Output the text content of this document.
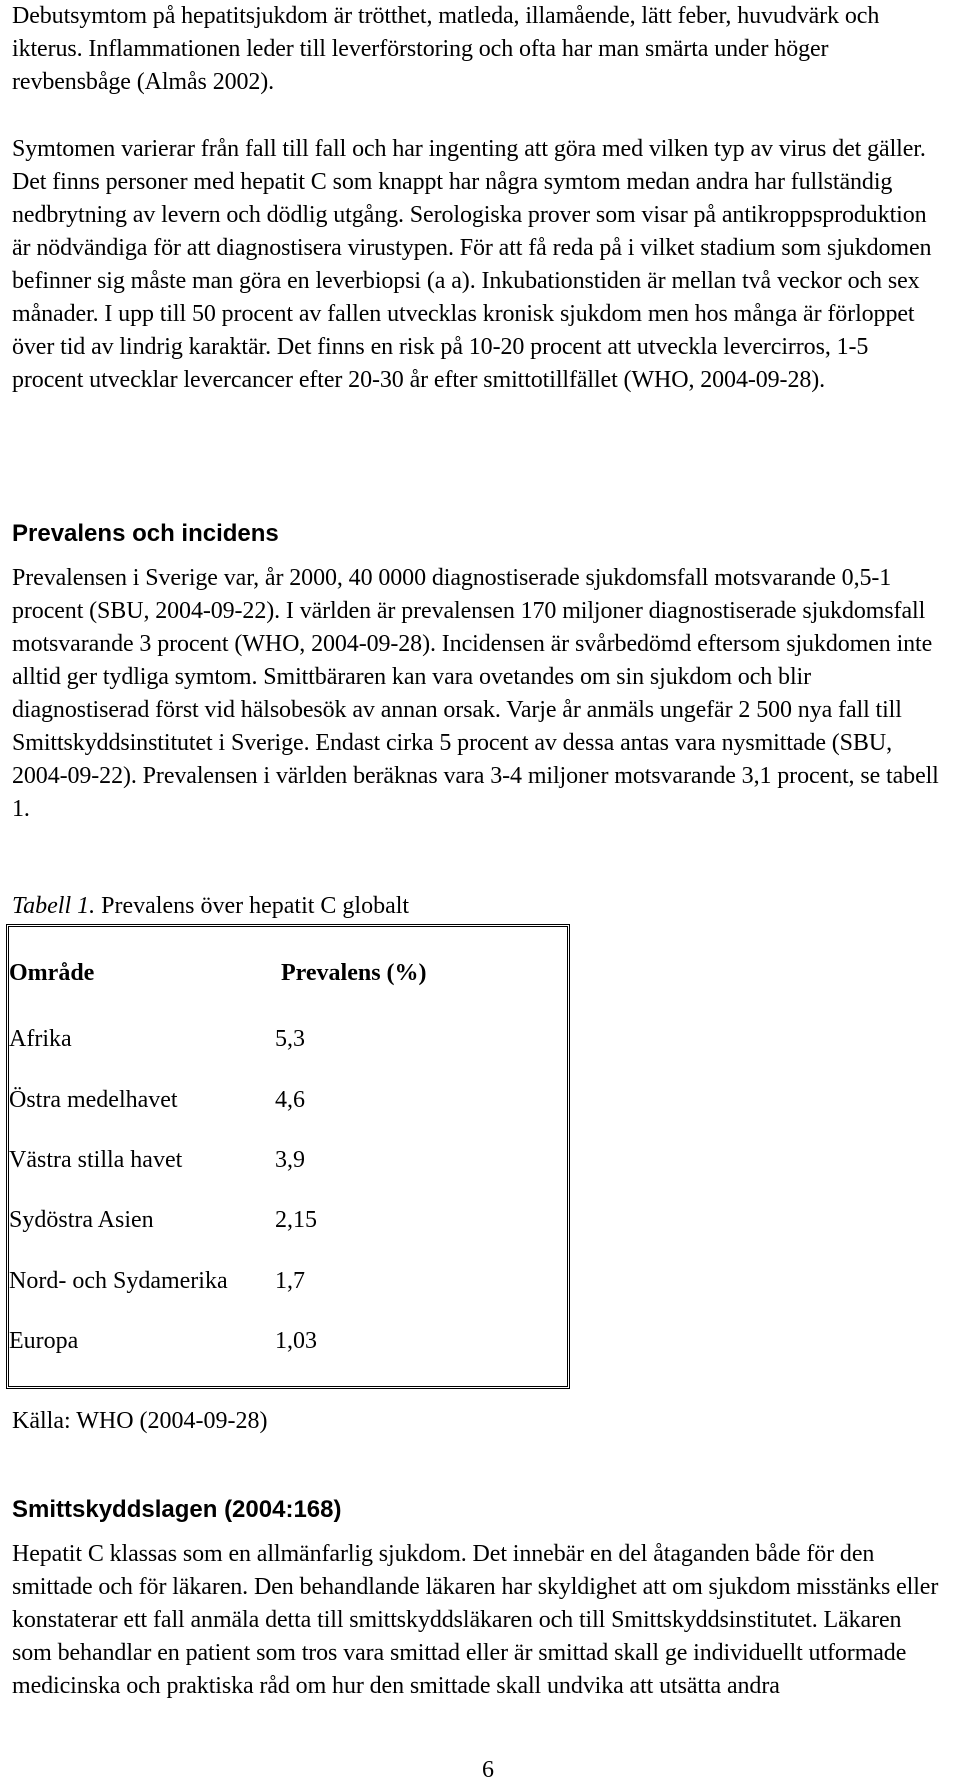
Debutsymtom på hepatitsjukdom är trötthet, matleda, illamående, lätt feber, huvudvärk och ikterus. Inflammationen leder till leverförstoring och ofta har man smärta under höger revbensbåge (Almås 2002).

Symtomen varierar från fall till fall och har ingenting att göra med vilken typ av virus det gäller. Det finns personer med hepatit C som knappt har några symtom medan andra har fullständig nedbrytning av levern och dödlig utgång. Serologiska prover som visar på antikroppsproduktion är nödvändiga för att diagnostisera virustypen. För att få reda på i vilket stadium som sjukdomen befinner sig måste man göra en leverbiopsi (a a). Inkubationstiden är mellan två veckor och sex månader. I upp till 50 procent av fallen utvecklas kronisk sjukdom men hos många är förloppet över tid av lindrig karaktär. Det finns en risk på 10-20 procent att utveckla levercirros, 1-5 procent utvecklar levercancer efter 20-30 år efter smittotillfället (WHO, 2004-09-28).

Prevalens och incidens

Prevalensen i Sverige var, år 2000, 40 0000 diagnostiserade sjukdomsfall motsvarande 0,5-1 procent (SBU, 2004-09-22). I världen är prevalensen 170 miljoner diagnostiserade sjukdomsfall motsvarande 3 procent (WHO, 2004-09-28). Incidensen är svårbedömd eftersom sjukdomen inte alltid ger tydliga symtom. Smittbäraren kan vara ovetandes om sin sjukdom och blir diagnostiserad först vid hälsobesök av annan orsak. Varje år anmäls ungefär 2 500 nya fall till Smittskyddsinstitutet i Sverige. Endast cirka 5 procent av dessa antas vara nysmittade (SBU, 2004-09-22). Prevalensen i världen beräknas vara 3-4 miljoner motsvarande 3,1 procent, se tabell 1.

Tabell 1. Prevalens över hepatit C globalt

Område	Prevalens (%)
Afrika	5,3
Östra medelhavet	4,6
Västra stilla havet	3,9
Sydöstra Asien	2,15
Nord- och Sydamerika 1,7
Europa	1,03

Källa: WHO (2004-09-28)

Smittskyddslagen (2004:168)

Hepatit C klassas som en allmänfarlig sjukdom. Det innebär en del åtaganden både för den smittade och för läkaren. Den behandlande läkaren har skyldighet att om sjukdom misstänks eller konstaterar ett fall anmäla detta till smittskyddsläkaren och till Smittskyddsinstitutet. Läkaren som behandlar en patient som tros vara smittad eller är smittad skall ge individuellt utformade medicinska och praktiska råd om hur den smittade skall undvika att utsätta andra

6
